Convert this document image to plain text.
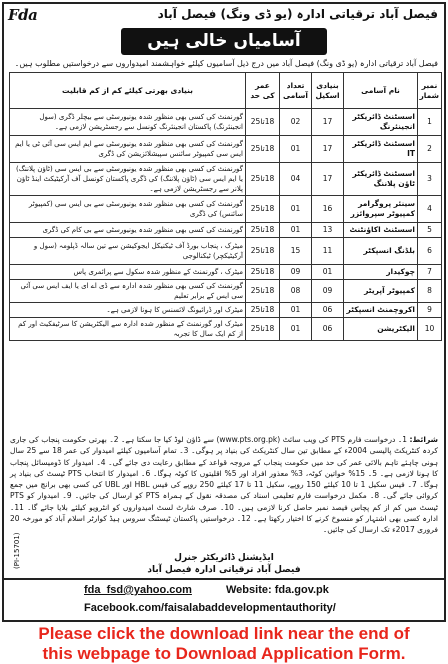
Fda	فیصل آباد ترقیاتی ادارہ (یو ڈی ونگ) فیصل آباد
آسامیاں خالی ہیں
فیصل آباد ترقیاتی ادارہ (یو ڈی ونگ) فیصل آباد میں درج ذیل آسامیوں کیلئے خواہشمند امیدواروں سے درخواستیں مطلوب ہیں۔
نمبر شمار	نام آسامی	بنیادی اسکیل	تعداد آسامی	عمر کی حد	بنیادی بھرتی کیلئے کم از کم قابلیت
1	اسسٹنٹ ڈائریکٹر انجینئرنگ	17	02	18تا25	گورنمنٹ کی کسی بھی منظور شدہ یونیورسٹی سے بیچلر ڈگری (سول انجینئرنگ) پاکستان انجینئرنگ کونسل سے رجسٹریشن لازمی ہے۔
2	اسسٹنٹ ڈائریکٹر IT	17	01	18تا25	گورنمنٹ کی کسی بھی منظور شدہ یونیورسٹی سے ایم ایس سی آئی ٹی یا ایم ایس سی کمپیوٹر سائنس سپیشلائزیشن کی ڈگری
3	اسسٹنٹ ڈائریکٹر ٹاؤن پلاننگ	17	04	18تا25	گورنمنٹ کی کسی بھی منظور شدہ یونیورسٹی سے بی ایس سی (ٹاؤن پلاننگ) یا ایم ایس سی (ٹاؤن پلاننگ) کی ڈگری پاکستان کونسل آف آرکیٹیکٹ اینڈ ٹاؤن پلانر سے رجسٹریشن لازمی ہے۔
4	سینئر پروگرامر کمپیوٹر سپروائزر	16	01	18تا25	گورنمنٹ کی کسی بھی منظور شدہ یونیورسٹی سے بی ایس سی (کمپیوٹر سائنس) کی ڈگری
5	اسسٹنٹ اکاؤنٹنٹ	13	01	18تا25	گورنمنٹ کی کسی بھی منظور شدہ یونیورسٹی سے بی کام کی ڈگری
6	بلڈنگ انسپکٹر	11	15	18تا25	میٹرک ، پنجاب بورڈ آف ٹیکنیکل ایجوکیشن سے تین سالہ ڈپلومہ (سول و آرکیٹیکچر) ٹیکنالوجی
7	چوکیدار	01	09	18تا25	میٹرک ، گورنمنٹ کے منظور شدہ سکول سے پرائمری پاس
8	کمپیوٹر آپریٹر	09	08	18تا25	گورنمنٹ کی کسی بھی منظور شدہ ادارہ سے ڈی اے ای یا ایف ایس سی آئی سی ایس کے برابر تعلیم
9	اکروچمنٹ انسپکٹر	06	01	18تا25	میٹرک اور ڈرائیونگ لائسنس کا ہونا لازمی ہے۔
10	الیکٹریشن	06	01	18تا25	میٹرک اور گورنمنٹ کے منظور شدہ ادارہ سے الیکٹریشن کا سرٹیفکیٹ اور کم از کم ایک سال کا تجربہ
شرائط: 1۔ درخواست فارم PTS کی ویب سائٹ (www.pts.org.pk) سے ڈاؤن لوڈ کیا جا سکتا ہے۔ 2۔ بھرتی حکومت پنجاب کی جاری کردہ کنٹریکٹ پالیسی 2004ء کے مطابق تین سال کنٹریکٹ کی بنیاد پر ہوگی۔ 3۔ تمام آسامیوں کیلئے امیدوار کی عمر 18 سے 25 سال ہونی چاہئے تاہم بالائی عمر کی حد میں حکومت پنجاب کے مروجہ قواعد کے مطابق رعایت دی جائے گی۔ 4۔ امیدوار کا ڈومیسائل پنجاب کا ہونا لازمی ہے۔ 5۔ 15% خواتین کوٹہ، 3% معذور افراد اور 5% اقلیتوں کا کوٹہ ہوگا۔ 6۔ امیدوار کا انتخاب PTS ٹیسٹ کی بنیاد پر ہوگا۔ 7۔ فیس سکیل 1 تا 10 کیلئے 150 روپے، سکیل 11 تا 17 کیلئے 250 روپے کی فیس HBL اور UBL کی کسی بھی برانچ میں جمع کروائی جائے گی۔ 8۔ مکمل درخواست فارم تعلیمی اسناد کی مصدقہ نقول کے ہمراہ PTS کو ارسال کی جائیں۔ 9۔ امیدوار کو PTS ٹیسٹ میں کم از کم پچاس فیصد نمبر حاصل کرنا لازمی ہیں۔ 10۔ صرف شارٹ لسٹ امیدواروں کو انٹرویو کیلئے بلایا جائے گا۔ 11۔ ادارہ کسی بھی اشتہار کو منسوخ کرنے کا اختیار رکھتا ہے۔ 12۔ درخواستیں پاکستان ٹیسٹنگ سروس ہیڈ کوارٹر اسلام آباد کو مورخہ 20 فروری 2017ء تک ارسال کی جائیں۔
ایڈیشنل ڈائریکٹر جنرل
فیصل آباد ترقیاتی ادارہ فیصل آباد
(PI-15701)
fda_fsd@yahoo.com	Website: fda.gov.pk
Facebook.com/faisalabaddevelopmentauthority/
Please click the download link near the end of
this webpage to Download Application Form.
